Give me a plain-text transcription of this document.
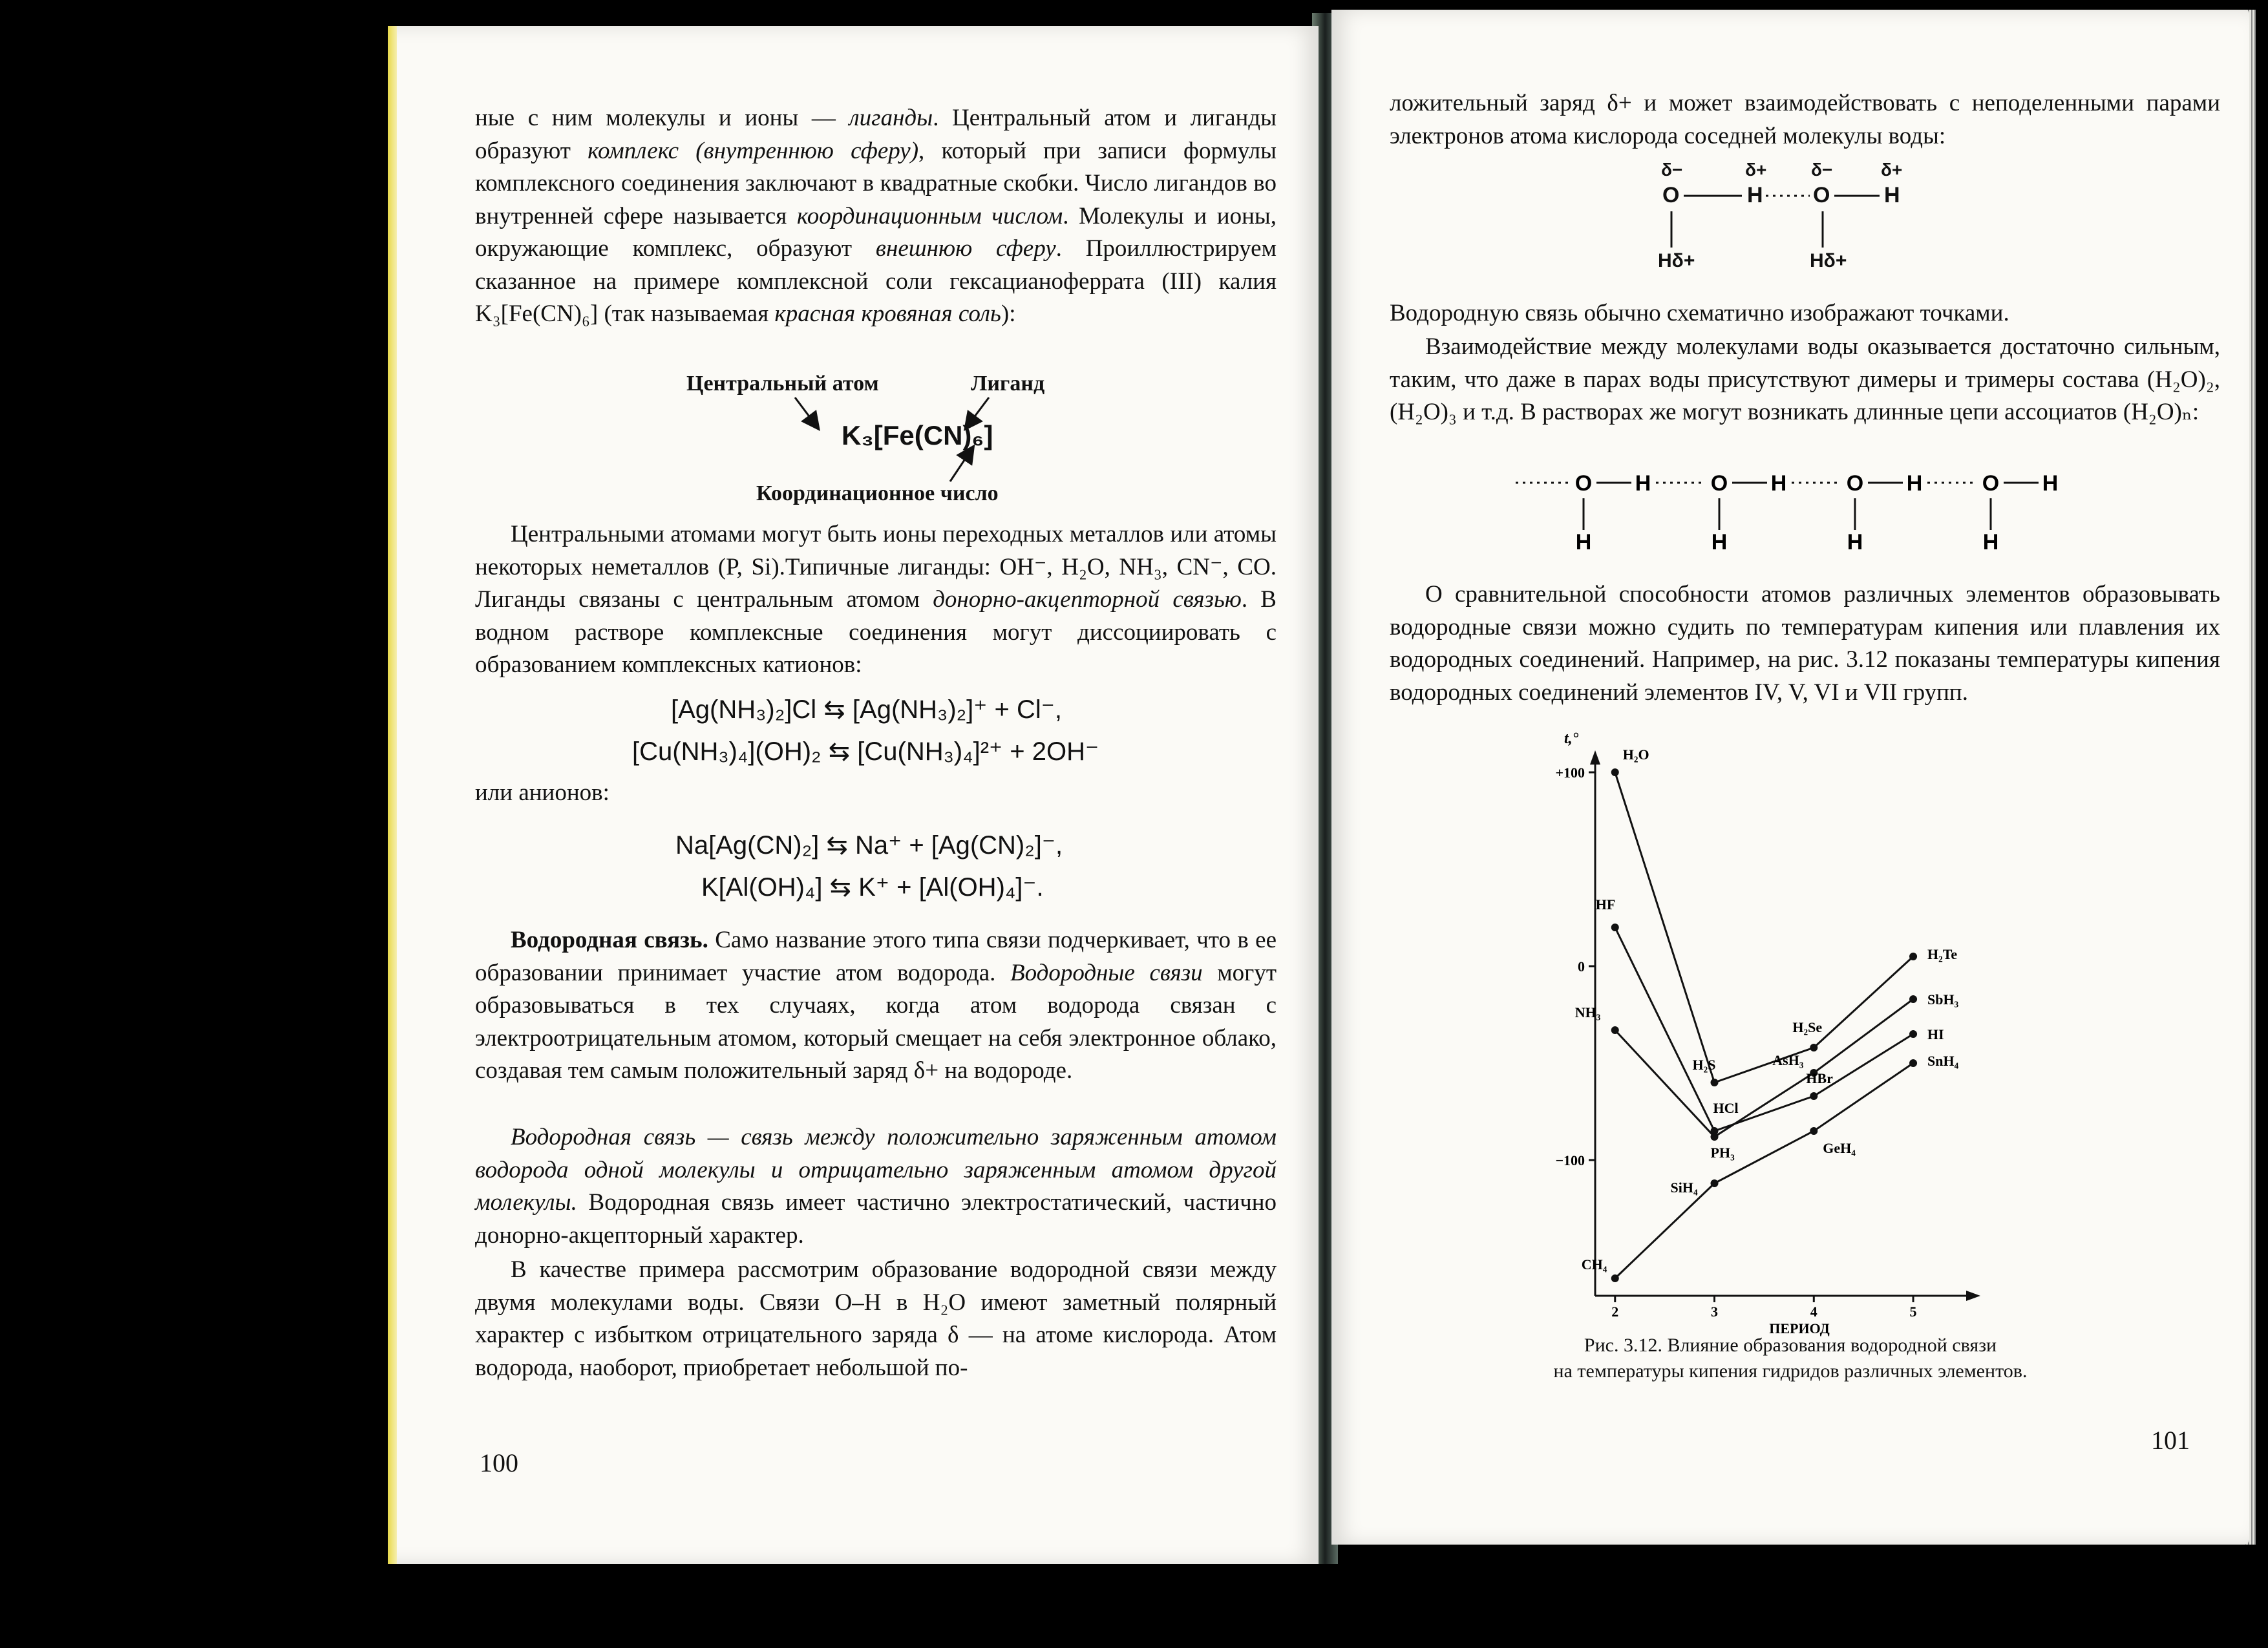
ные с ним молекулы и ионы — лиганды. Центральный атом и лиганды образуют комплекс (внутреннюю сферу), который при записи формулы комплексного соединения заключают в квадратные скобки. Число лигандов во внутренней сфере называется координационным числом. Молекулы и ионы, окружающие комплекс, образуют внешнюю сферу. Проиллюстрируем сказанное на примере комплексной соли гексацианоферрата (III) калия K₃[Fe(CN)₆] (так называемая красная кровяная соль):

Центральный атом	Лиганд
K₃[Fe(CN)₆]
Координационное число

Центральными атомами могут быть ионы переходных металлов или атомы некоторых неметаллов (P, Si).Типичные лиганды: OH⁻, H₂O, NH₃, CN⁻, CO. Лиганды связаны с центральным атомом донорно-акцепторной связью. В водном растворе комплексные соединения могут диссоциировать с образованием комплексных катионов:

[Ag(NH₃)₂]Cl ⇆ [Ag(NH₃)₂]⁺ + Cl⁻,
[Cu(NH₃)₄](OH)₂ ⇆ [Cu(NH₃)₄]²⁺ + 2OH⁻
или анионов:
Na[Ag(CN)₂] ⇆ Na⁺ + [Ag(CN)₂]⁻,
K[Al(OH)₄] ⇆ K⁺ + [Al(OH)₄]⁻.

Водородная связь. Само название этого типа связи подчеркивает, что в ее образовании принимает участие атом водорода. Водородные связи могут образовываться в тех случаях, когда атом водорода связан с электроотрицательным атомом, который смещает на себя электронное облако, создавая тем самым положительный заряд δ+ на водороде.

Водородная связь — связь между положительно заряженным атомом водорода одной молекулы и отрицательно заряженным атомом другой молекулы. Водородная связь имеет частично электростатический, частично донорно-акцепторный характер.

В качестве примера рассмотрим образование водородной связи между двумя молекулами воды. Связи O–H в H₂O имеют заметный полярный характер с избытком отрицательного заряда δ — на атоме кислорода. Атом водорода, наоборот, приобретает небольшой по-

100
ложительный заряд δ+ и может взаимодействовать с неподеленными парами электронов атома кислорода соседней молекулы воды:
δ−	δ+ δ−	δ+
O	H O H
Hδ+	Hδ+

Водородную связь обычно схематично изображают точками.

Взаимодействие между молекулами воды оказывается достаточно сильным, таким, что даже в парах воды присутствуют димеры и тримеры состава (H₂O)₂, (H₂O)₃ и т.д. В растворах же могут возникать длинные цепи ассоциатов (H₂O)ₙ:

O H
H
O H
H
O H
H
O H
H

О сравнительной способности атомов различных элементов образовывать водородные связи можно судить по температурам кипения или плавления их водородных соединений. Например, на рис. 3.12 показаны температуры кипения водородных соединений элементов IV, V, VI и VII групп.

t,°
ПЕРИОД
+100
0
−100
2	3	4	5
H₂O
H₂S
H₂Se
H₂Te
HF
HCl
HBr
HI
NH₃
PH₃
AsH₃
SbH₃
CH₄
SiH₄
GeH₄
SnH₄
Рис. 3.12. Влияние образования водородной связи
на температуры кипения гидридов различных элементов.
101
